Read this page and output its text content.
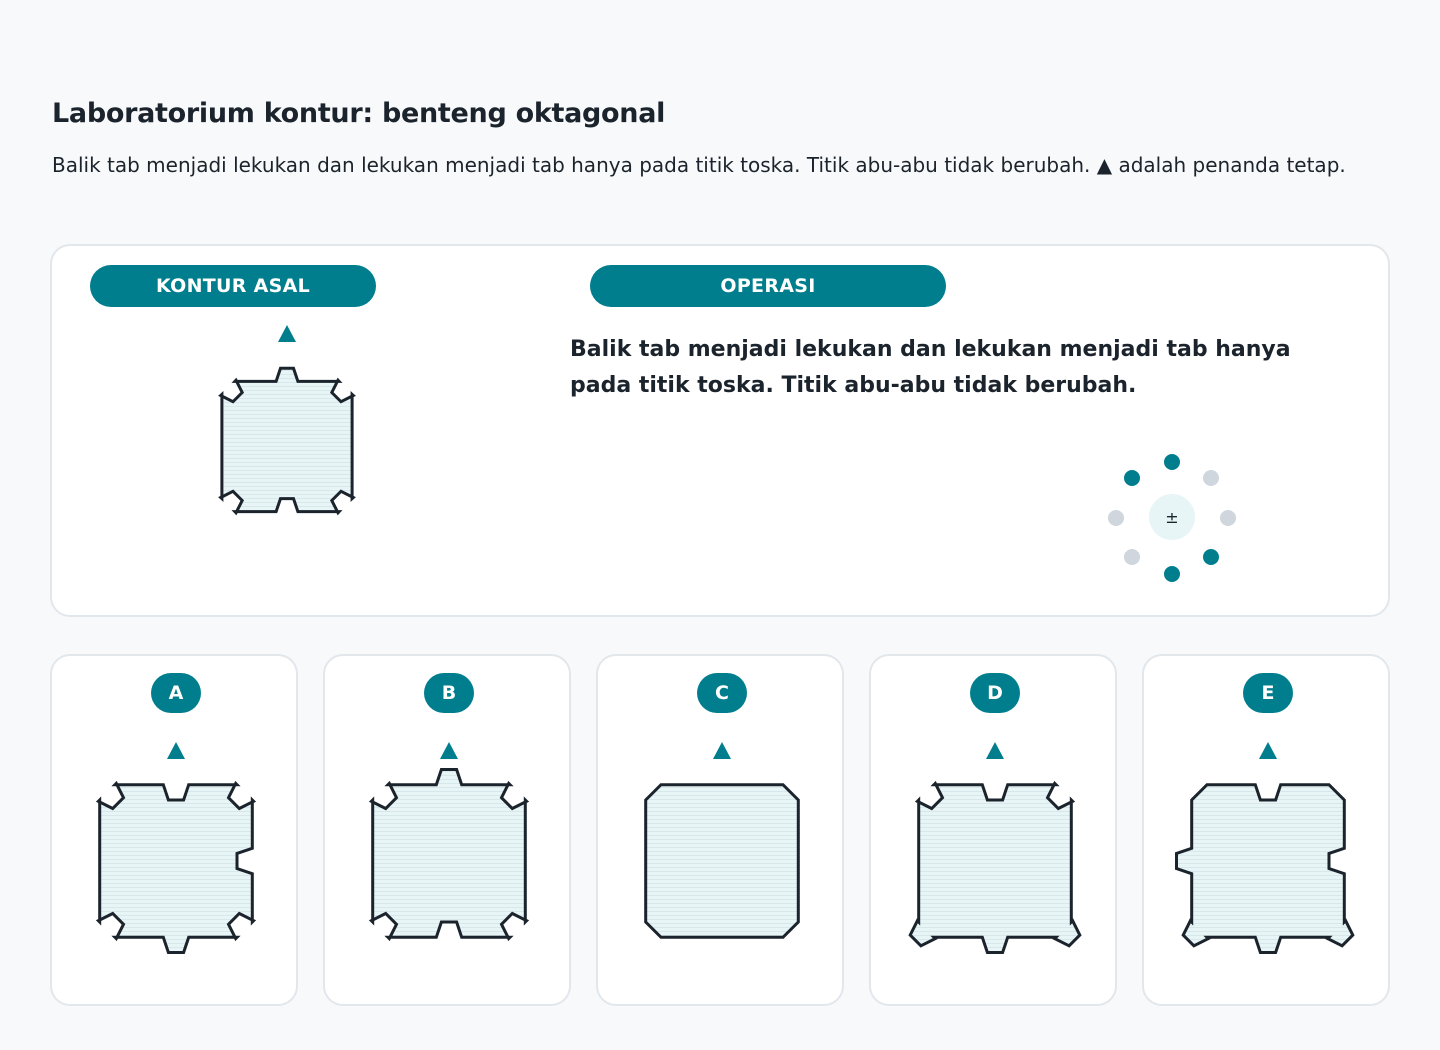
Laboratorium kontur: benteng oktagonal
Balik tab menjadi lekukan dan lekukan menjadi tab hanya pada titik toska. Titik abu-abu tidak berubah. ▲ adalah penanda tetap.
KONTUR ASAL	OPERASI
Balik tab menjadi lekukan dan lekukan menjadi tab hanya pada titik toska. Titik abu-abu tidak berubah.
±
A	B	C	D	E
